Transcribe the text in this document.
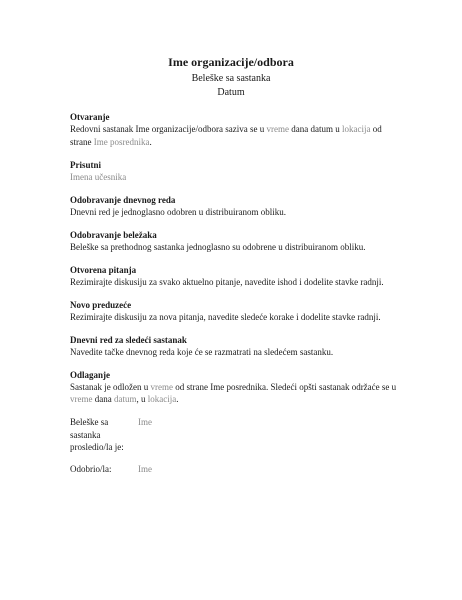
Ime organizacije/odbora
Beleške sa sastanka
Datum
Otvaranje
Redovni sastanak Ime organizacije/odbora saziva se u vreme dana datum u lokacija od strane Ime posrednika.
Prisutni
Imena učesnika
Odobravanje dnevnog reda
Dnevni red je jednoglasno odobren u distribuiranom obliku.
Odobravanje beležaka
Beleške sa prethodnog sastanka jednoglasno su odobrene u distribuiranom obliku.
Otvorena pitanja
Rezimirajte diskusiju za svako aktuelno pitanje, navedite ishod i dodelite stavke radnji.
Novo preduzeće
Rezimirajte diskusiju za nova pitanja, navedite sledeće korake i dodelite stavke radnji.
Dnevni red za sledeći sastanak
Navedite tačke dnevnog reda koje će se razmatrati na sledećem sastanku.
Odlaganje
Sastanak je odložen u vreme od strane Ime posrednika. Sledeći opšti sastanak održaće se u vreme dana datum, u lokacija.
Beleške sa sastanka prosledio/la je:
Ime
Odobrio/la:	Ime
